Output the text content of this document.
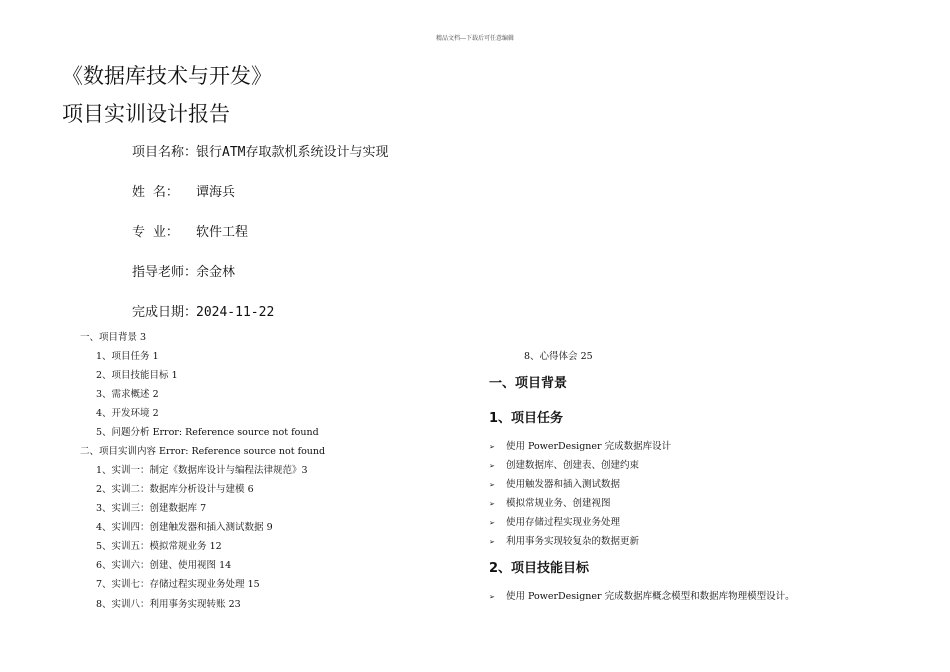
精品文档---下载后可任意编辑
《数据库技术与开发》
项目实训设计报告
项目名称：银行ATM存取款机系统设计与实现
姓 名： 谭海兵
专 业： 软件工程
指导老师：余金林
完成日期：2024-11-22
一、项目背景 3
1、项目任务 1
2、项目技能目标 1
3、需求概述 2
4、开发环境 2
5、问题分析 Error: Reference source not found
二、项目实训内容 Error: Reference source not found
1、实训一：制定《数据库设计与编程法律规范》3
2、实训二：数据库分析设计与建模 6
3、实训三：创建数据库 7
4、实训四：创建触发器和插入测试数据 9
5、实训五：模拟常规业务 12
6、实训六：创建、使用视图 14
7、实训七：存储过程实现业务处理 15
8、实训八：利用事务实现转账 23
8、心得体会 25
一、项目背景
1、项目任务
➢ 使用 PowerDesigner 完成数据库设计
➢ 创建数据库、创建表、创建约束
➢ 使用触发器和插入测试数据
➢ 模拟常规业务、创建视图
➢ 使用存储过程实现业务处理
➢ 利用事务实现较复杂的数据更新
2、项目技能目标
➢ 使用 PowerDesigner 完成数据库概念模型和数据库物理模型设计。
